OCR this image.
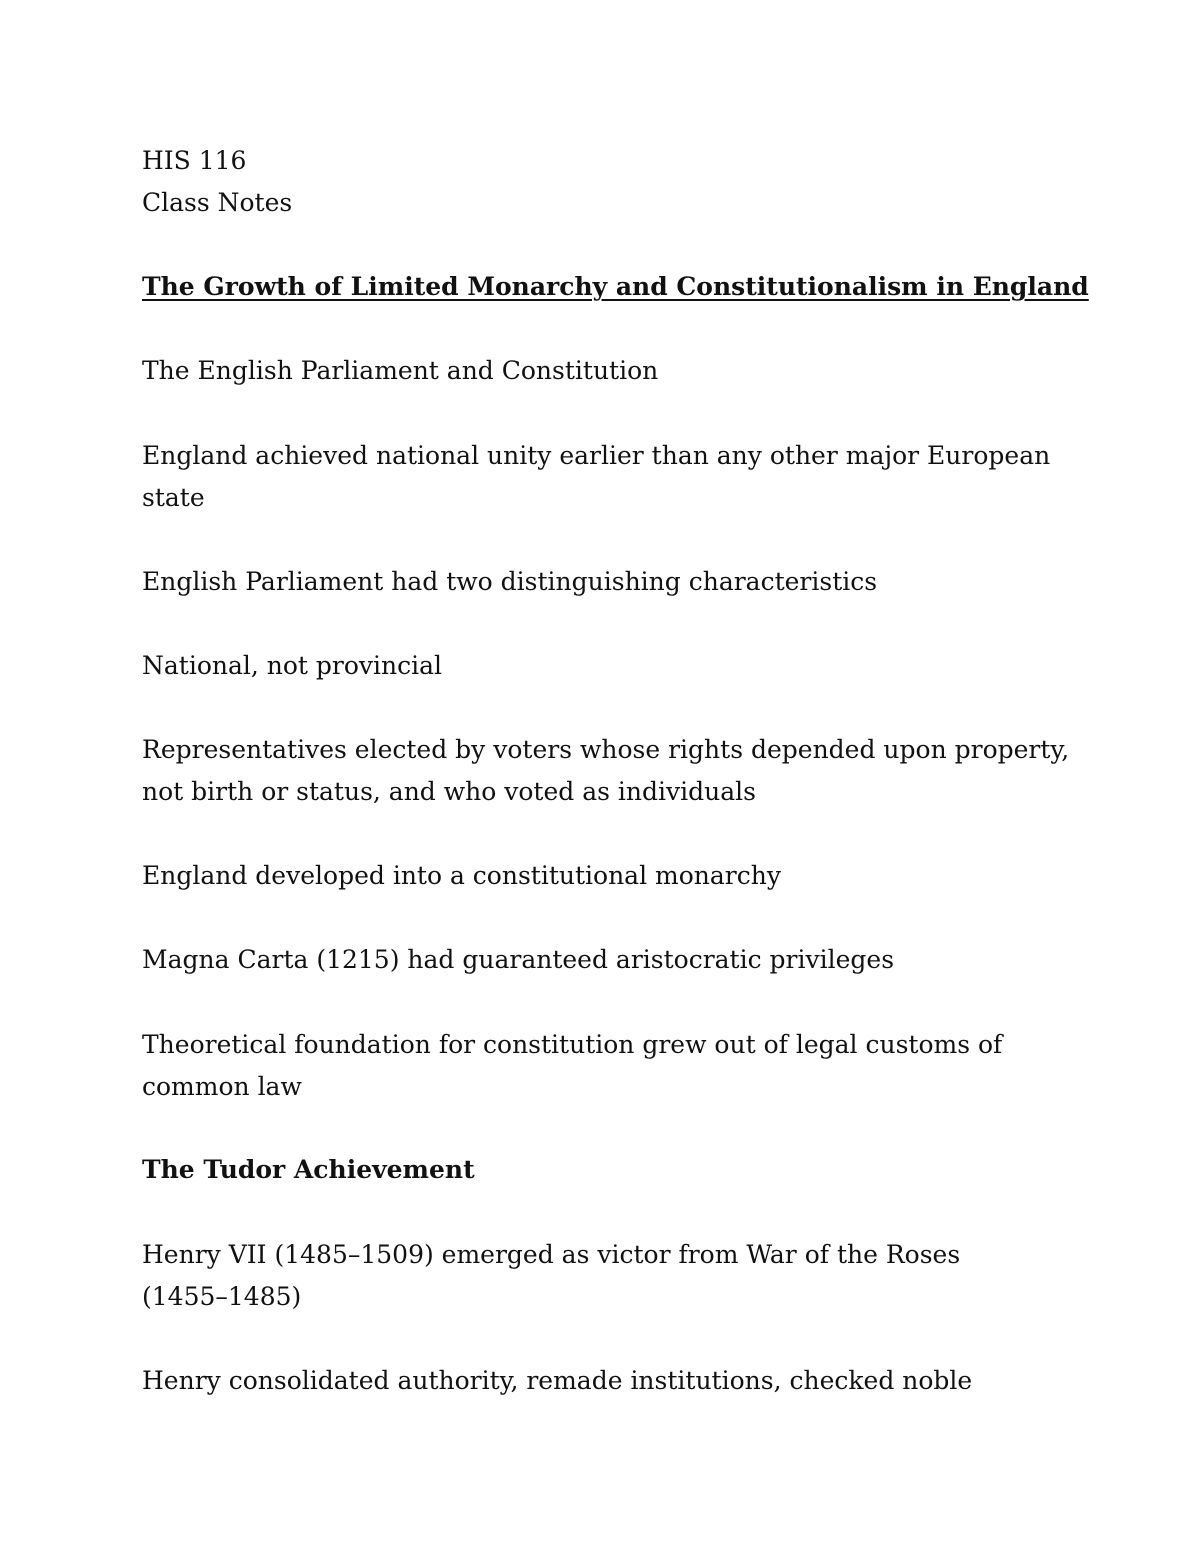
HIS 116

Class Notes

The Growth of Limited Monarchy and Constitutionalism in England

The English Parliament and Constitution

England achieved national unity earlier than any other major European

state

English Parliament had two distinguishing characteristics

National, not provincial

Representatives elected by voters whose rights depended upon property,

not birth or status, and who voted as individuals

England developed into a constitutional monarchy

Magna Carta (1215) had guaranteed aristocratic privileges

Theoretical foundation for constitution grew out of legal customs of

common law

The Tudor Achievement

Henry VII (1485–1509) emerged as victor from War of the Roses

(1455–1485)

Henry consolidated authority, remade institutions, checked noble
